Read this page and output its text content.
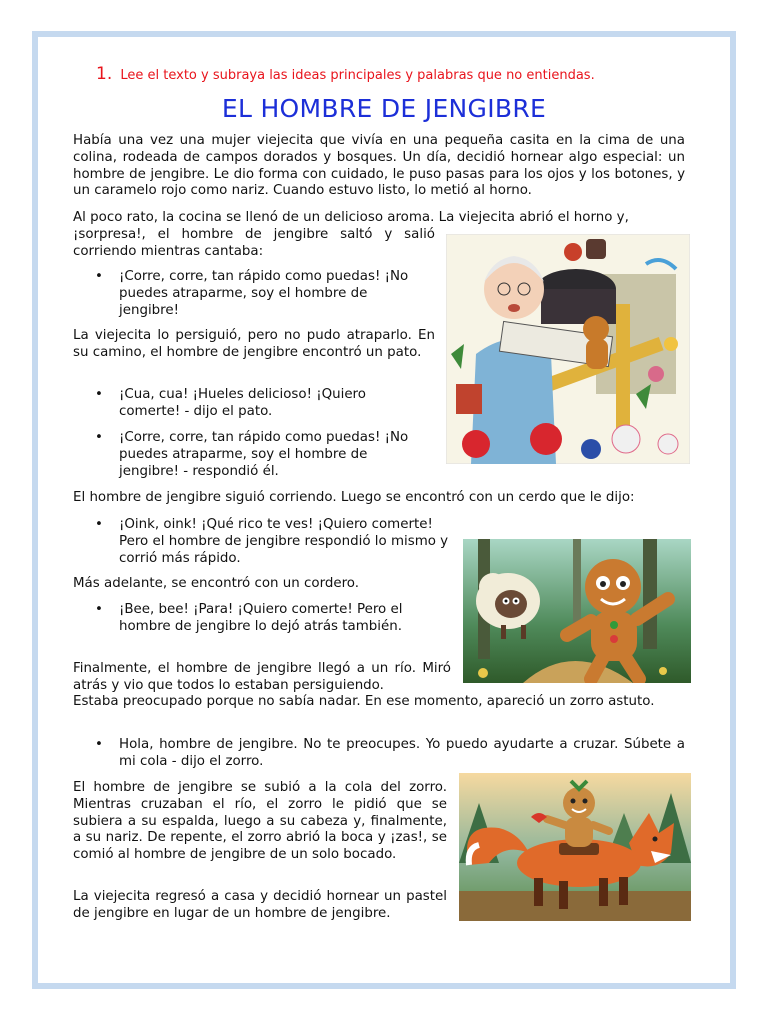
1. Lee el texto y subraya las ideas principales y palabras que no entiendas.
EL HOMBRE DE JENGIBRE

Había una vez una mujer viejecita que vivía en una pequeña casita en la cima de una colina, rodeada de campos dorados y bosques. Un día, decidió hornear algo especial: un hombre de jengibre. Le dio forma con cuidado, le puso pasas para los ojos y los botones, y un caramelo rojo como nariz. Cuando estuvo listo, lo metió al horno.

Al poco rato, la cocina se llenó de un delicioso aroma. La viejecita abrió el horno y,

¡sorpresa!, el hombre de jengibre saltó y salió corriendo mientras cantaba:

• ¡Corre, corre, tan rápido como puedas! ¡No puedes atraparme, soy el hombre de jengibre!

La viejecita lo persiguió, pero no pudo atraparlo. En su camino, el hombre de jengibre encontró un pato.

• ¡Cua, cua! ¡Hueles delicioso! ¡Quiero comerte! - dijo el pato.
• ¡Corre, corre, tan rápido como puedas! ¡No puedes atraparme, soy el hombre de jengibre! - respondió él.

El hombre de jengibre siguió corriendo. Luego se encontró con un cerdo que le dijo:

• ¡Oink, oink! ¡Qué rico te ves! ¡Quiero comerte! Pero el hombre de jengibre respondió lo mismo y corrió más rápido.

Más adelante, se encontró con un cordero.

• ¡Bee, bee! ¡Para! ¡Quiero comerte! Pero el hombre de jengibre lo dejó atrás también.

Finalmente, el hombre de jengibre llegó a un río. Miró atrás y vio que todos lo estaban persiguiendo.

Estaba preocupado porque no sabía nadar. En ese momento, apareció un zorro astuto.

• Hola, hombre de jengibre. No te preocupes. Yo puedo ayudarte a cruzar. Súbete a mi cola - dijo el zorro.

El hombre de jengibre se subió a la cola del zorro. Mientras cruzaban el río, el zorro le pidió que se subiera a su espalda, luego a su cabeza y, finalmente, a su nariz. De repente, el zorro abrió la boca y ¡zas!, se comió al hombre de jengibre de un solo bocado.

La viejecita regresó a casa y decidió hornear un pastel de jengibre en lugar de un hombre de jengibre.
